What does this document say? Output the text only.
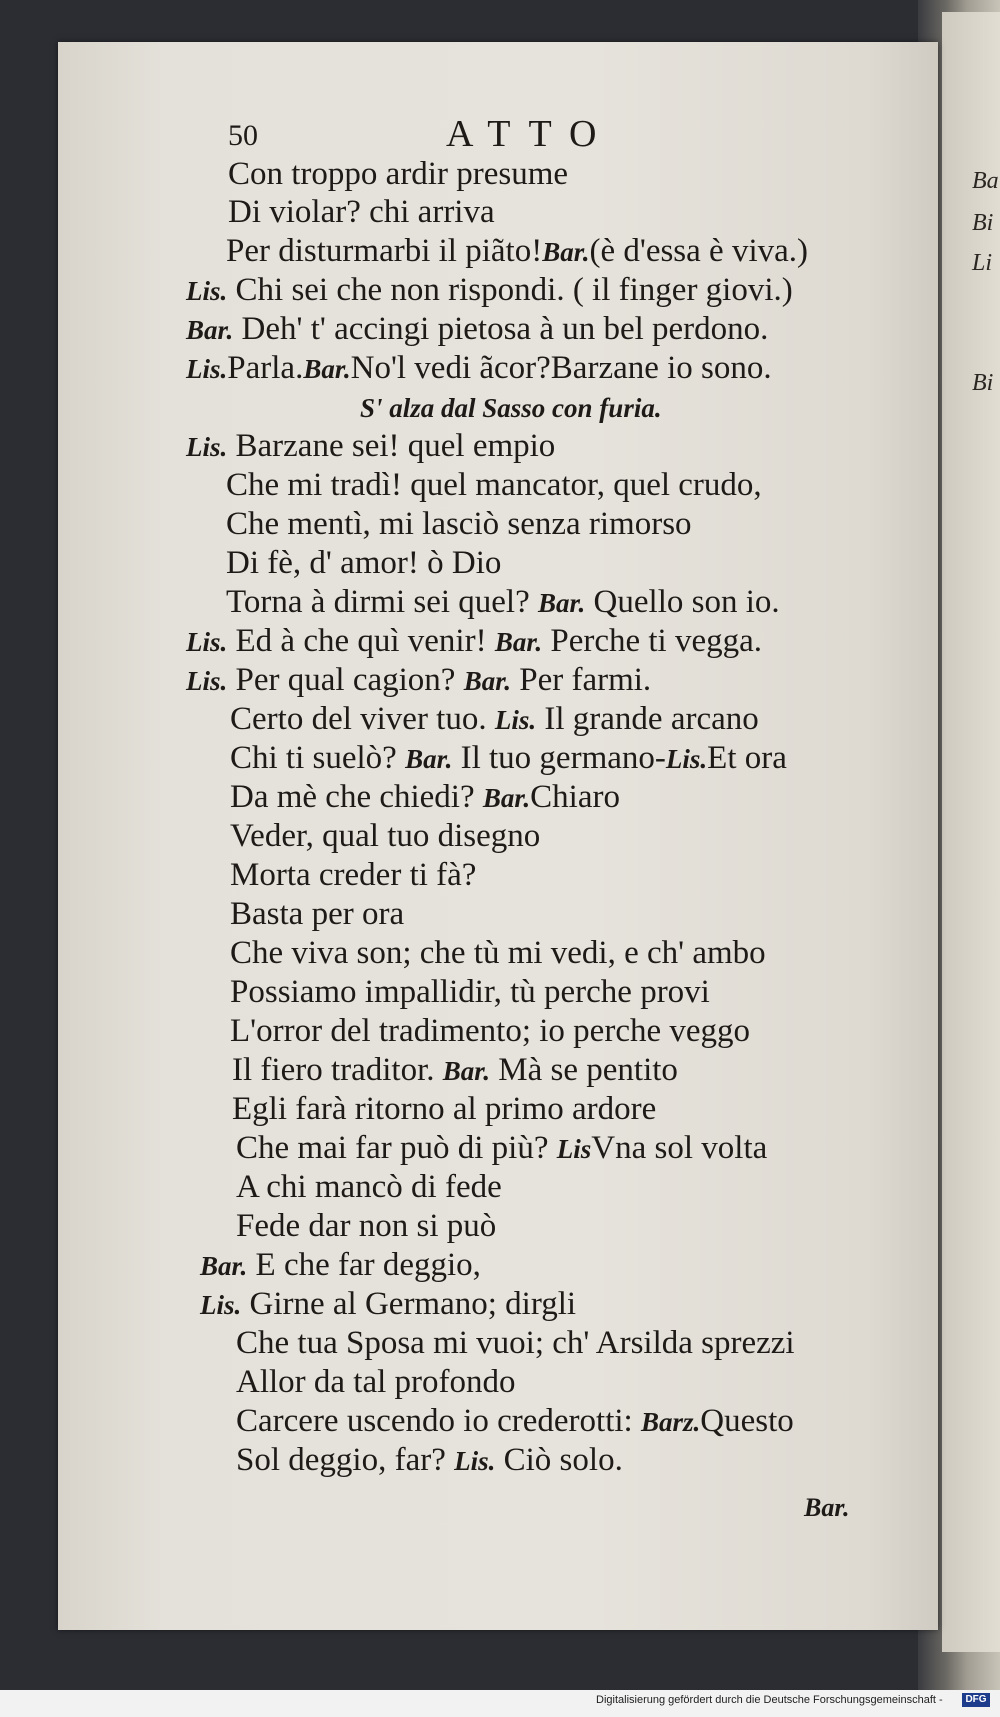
Ba
Bi
Li
Bi
50	ATTO
Con troppo ardir presume
Di violar? chi arriva
Per disturmarbi il piãto!Bar.(è d'essa è viva.)
Lis. Chi sei che non rispondi. ( il finger giovi.)
Bar. Deh' t' accingi pietosa à un bel perdono.
Lis.Parla.Bar.No'l vedi ãcor?Barzane io sono.
S' alza dal Sasso con furia.
Lis. Barzane sei! quel empio
Che mi tradì! quel mancator, quel crudo,
Che mentì, mi lasciò senza rimorso
Di fè, d' amor! ò Dio
Torna à dirmi sei quel? Bar. Quello son io.
Lis. Ed à che quì venir! Bar. Perche ti vegga.
Lis. Per qual cagion? Bar. Per farmi.
Certo del viver tuo. Lis. Il grande arcano
Chi ti suelò? Bar. Il tuo germano-Lis.Et ora
Da mè che chiedi? Bar.Chiaro
Veder, qual tuo disegno
Morta creder ti fà?
Basta per ora
Che viva son; che tù mi vedi, e ch' ambo
Possiamo impallidir, tù perche provi
L'orror del tradimento; io perche veggo
Il fiero traditor. Bar. Mà se pentito
Egli farà ritorno al primo ardore
Che mai far può di più? LisVna sol volta
A chi mancò di fede
Fede dar non si può
Bar. E che far deggio,
Lis. Girne al Germano; dirgli
Che tua Sposa mi vuoi; ch' Arsilda sprezzi
Allor da tal profondo
Carcere uscendo io crederotti: Barz.Questo
Sol deggio, far? Lis. Ciò solo.
Bar.
Digitalisierung gefördert durch die Deutsche Forschungsgemeinschaft -	DFG
